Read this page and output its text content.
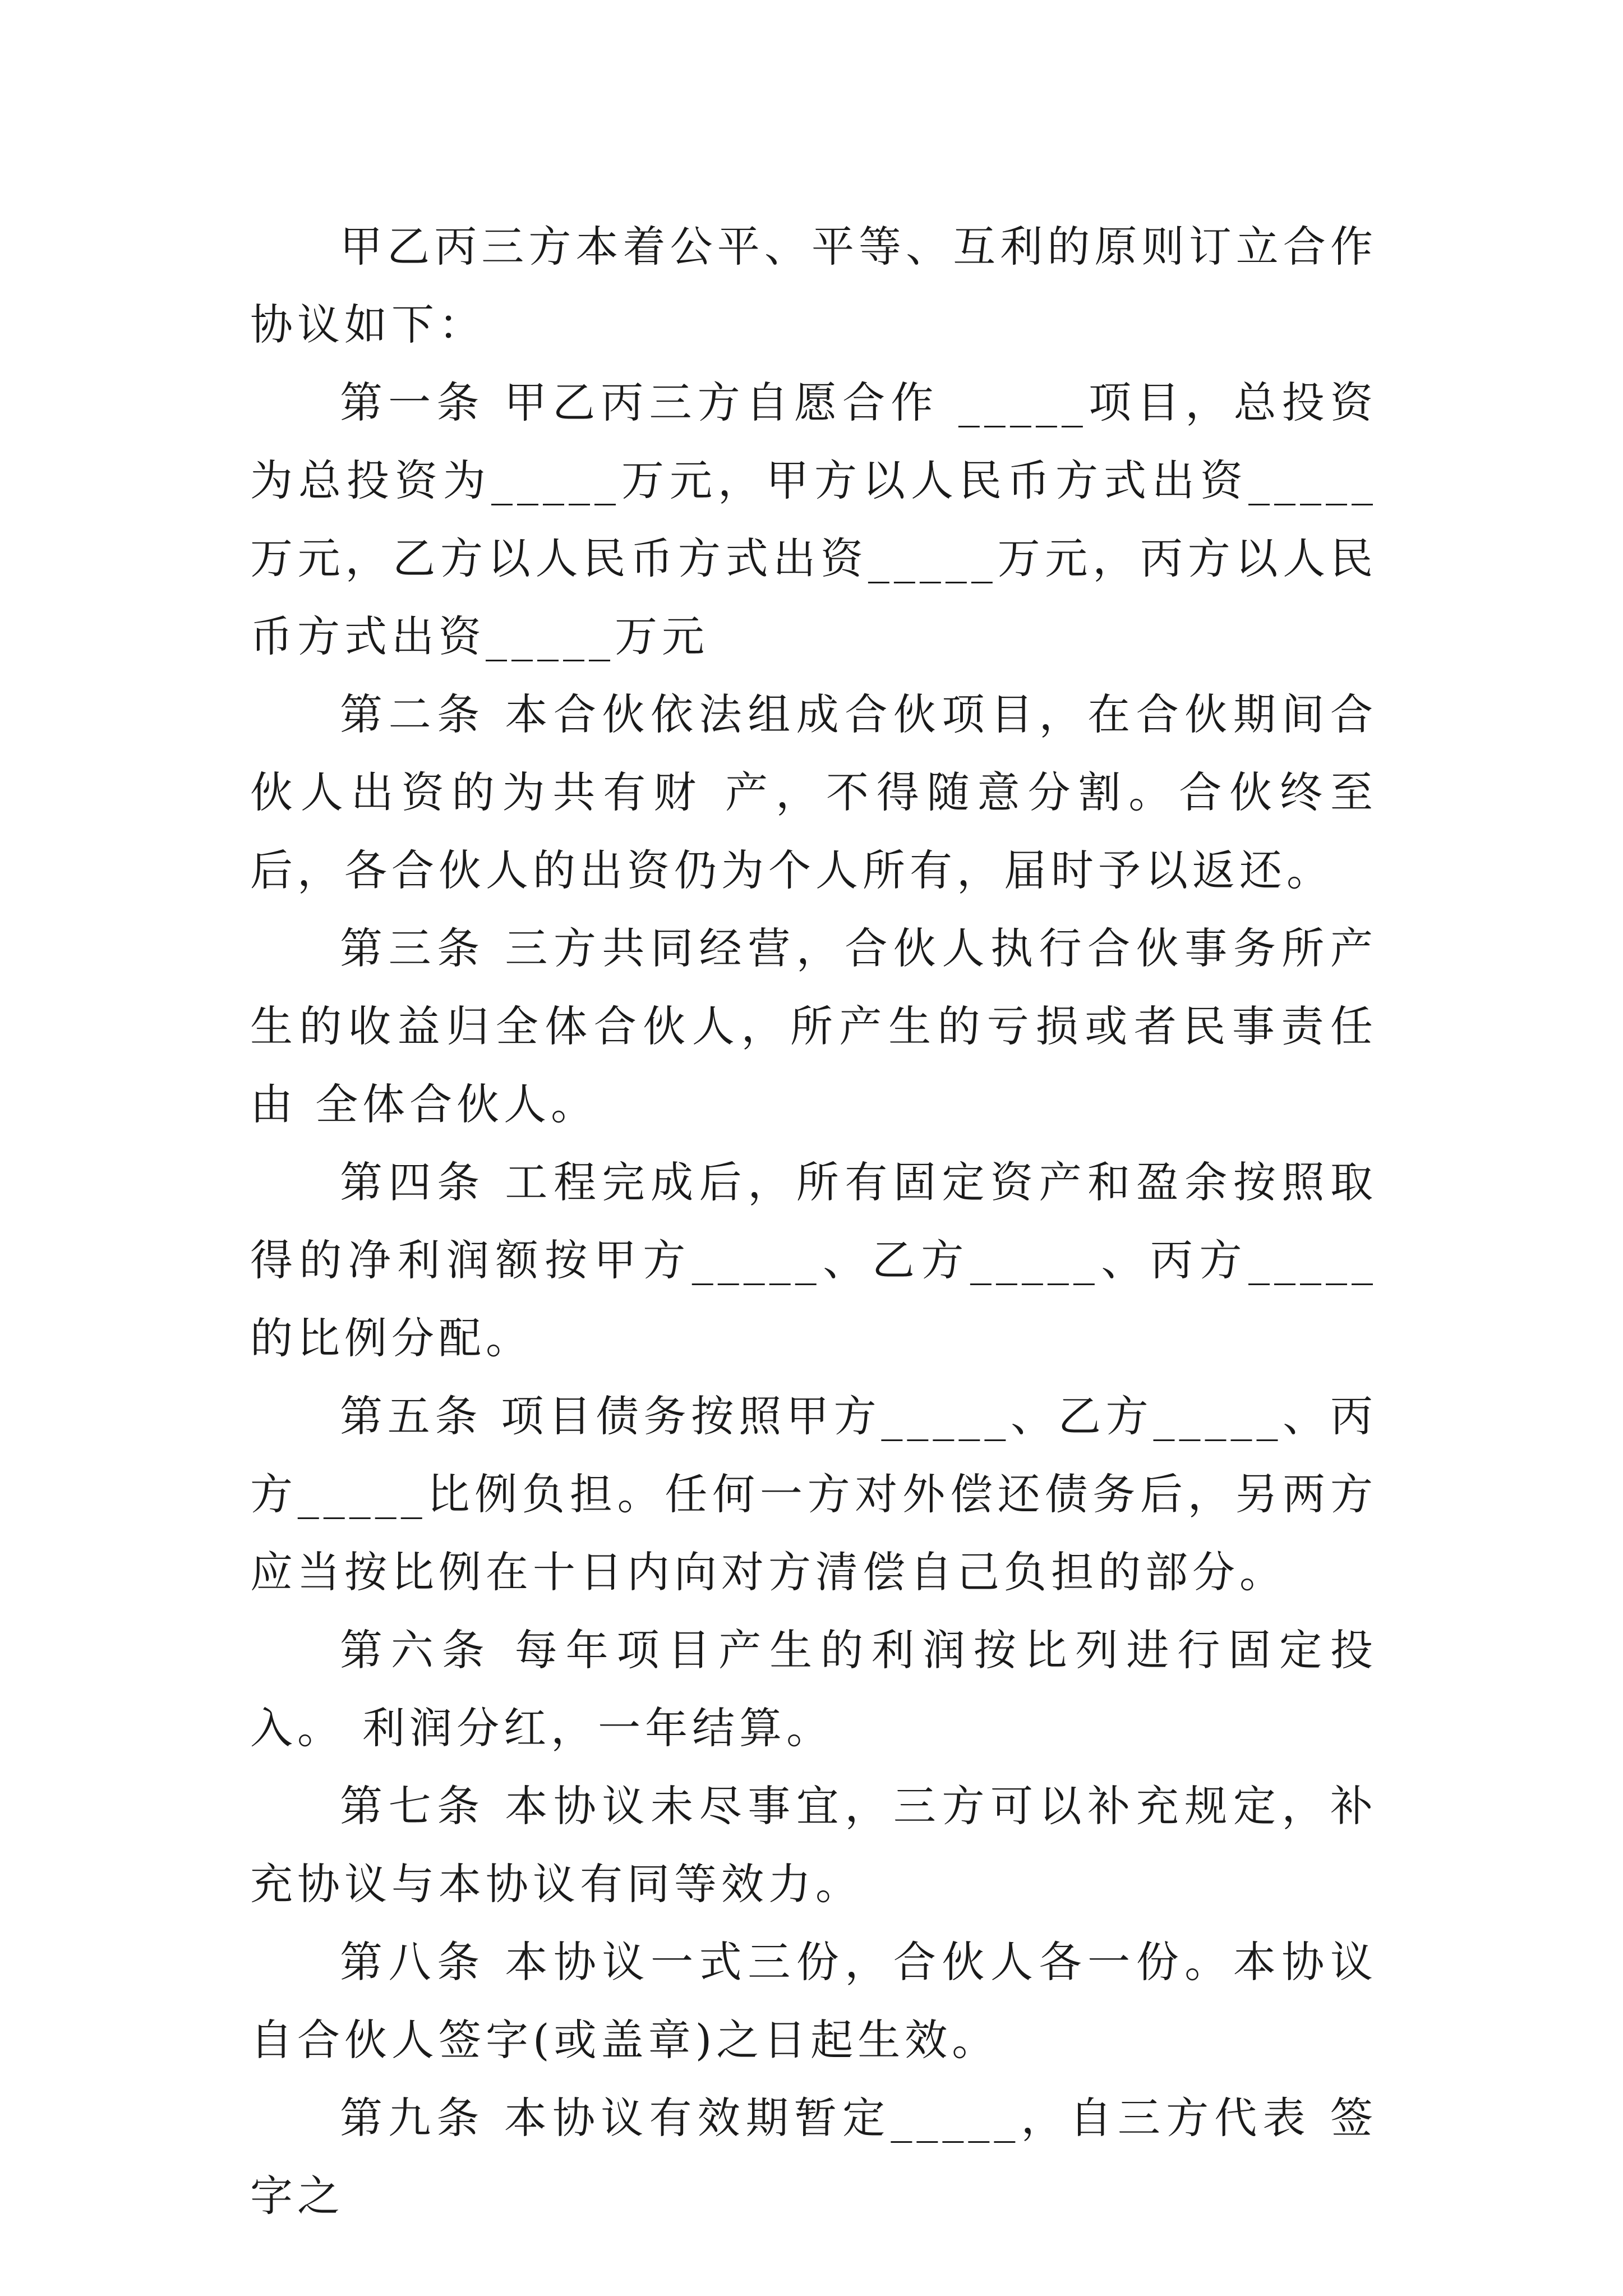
甲乙丙三方本着公平、平等、互利的原则订立合作协议如下：

第一条 甲乙丙三方自愿合作 _____项目，总投资为总投资为_____万元，甲方以人民币方式出资_____万元，乙方以人民币方式出资_____万元，丙方以人民币方式出资_____万元

第二条 本合伙依法组成合伙项目，在合伙期间合伙人出资的为共有财 产，不得随意分割。合伙终至后，各合伙人的出资仍为个人所有，届时予以返还。

第三条 三方共同经营，合伙人执行合伙事务所产生的收益归全体合伙人，所产生的亏损或者民事责任由 全体合伙人。

第四条 工程完成后，所有固定资产和盈余按照取得的净利润额按甲方_____、乙方_____、丙方_____的比例分配。

第五条 项目债务按照甲方_____、乙方_____、丙方_____比例负担。任何一方对外偿还债务后，另两方应当按比例在十日内向对方清偿自己负担的部分。

第六条 每年项目产生的利润按比列进行固定投入。 利润分红，一年结算。

第七条 本协议未尽事宜，三方可以补充规定，补充协议与本协议有同等效力。

第八条 本协议一式三份，合伙人各一份。本协议自合伙人签字(或盖章)之日起生效。

第九条 本协议有效期暂定_____，自三方代表 签字之
